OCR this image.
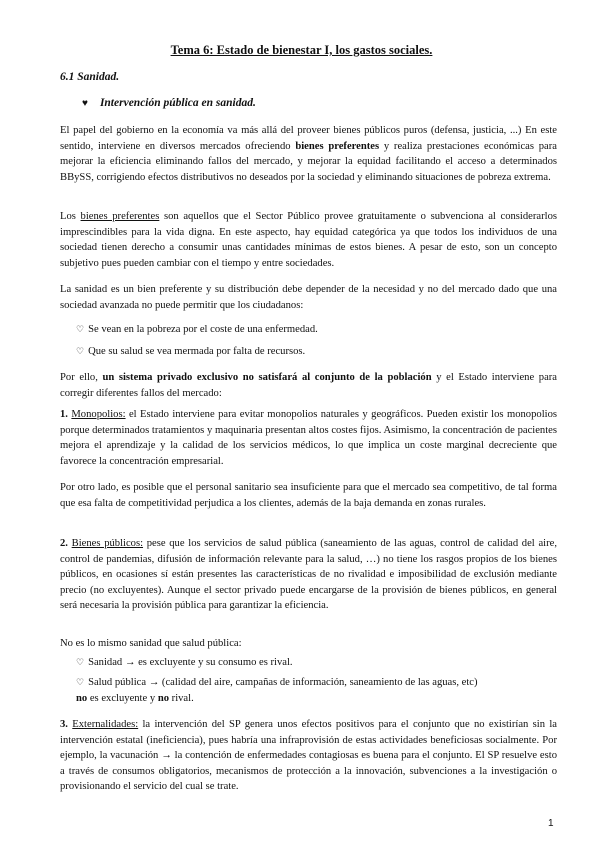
Tema 6: Estado de bienestar I, los gastos sociales.
6.1 Sanidad.
♥ Intervención pública en sanidad.

El papel del gobierno en la economía va más allá del proveer bienes públicos puros (defensa, justicia, ...) En este sentido, interviene en diversos mercados ofreciendo bienes preferentes y realiza prestaciones económicas para mejorar la eficiencia eliminando fallos del mercado, y mejorar la equidad facilitando el acceso a determinados BBySS, corrigiendo efectos distributivos no deseados por la sociedad y eliminando situaciones de pobreza extrema.

Los bienes preferentes son aquellos que el Sector Público provee gratuitamente o subvenciona al considerarlos imprescindibles para la vida digna. En este aspecto, hay equidad categórica ya que todos los individuos de una sociedad tienen derecho a consumir unas cantidades mínimas de estos bienes. A pesar de esto, son un concepto subjetivo pues pueden cambiar con el tiempo y entre sociedades.

La sanidad es un bien preferente y su distribución debe depender de la necesidad y no del mercado dado que una sociedad avanzada no puede permitir que los ciudadanos:

♡ Se vean en la pobreza por el coste de una enfermedad.

♡ Que su salud se vea mermada por falta de recursos.

Por ello, un sistema privado exclusivo no satisfará al conjunto de la población y el Estado interviene para corregir diferentes fallos del mercado:

1. Monopolios: el Estado interviene para evitar monopolios naturales y geográficos. Pueden existir los monopolios porque determinados tratamientos y maquinaria presentan altos costes fijos. Asimismo, la concentración de pacientes mejora el aprendizaje y la calidad de los servicios médicos, lo que implica un coste marginal decreciente que favorece la concentración empresarial.

Por otro lado, es posible que el personal sanitario sea insuficiente para que el mercado sea competitivo, de tal forma que esa falta de competitividad perjudica a los clientes, además de la baja demanda en zonas rurales.

2. Bienes públicos: pese que los servicios de salud pública (saneamiento de las aguas, control de calidad del aire, control de pandemias, difusión de información relevante para la salud, …) no tiene los rasgos propios de los bienes públicos, en ocasiones sí están presentes las características de no rivalidad e imposibilidad de exclusión mediante precio (no excluyentes). Aunque el sector privado puede encargarse de la provisión de bienes públicos, en general será necesaria la provisión pública para garantizar la eficiencia.

No es lo mismo sanidad que salud pública:

♡ Sanidad → es excluyente y su consumo es rival.

♡ Salud pública → (calidad del aire, campañas de información, saneamiento de las aguas, etc)
no es excluyente y no rival.

3. Externalidades: la intervención del SP genera unos efectos positivos para el conjunto que no existirían sin la intervención estatal (ineficiencia), pues habría una infraprovisión de estas actividades beneficiosas socialmente. Por ejemplo, la vacunación → la contención de enfermedades contagiosas es buena para el conjunto. El SP resuelve esto a través de consumos obligatorios, mecanismos de protección a la innovación, subvenciones a la investigación o provisionando el servicio del cual se trate.

1
